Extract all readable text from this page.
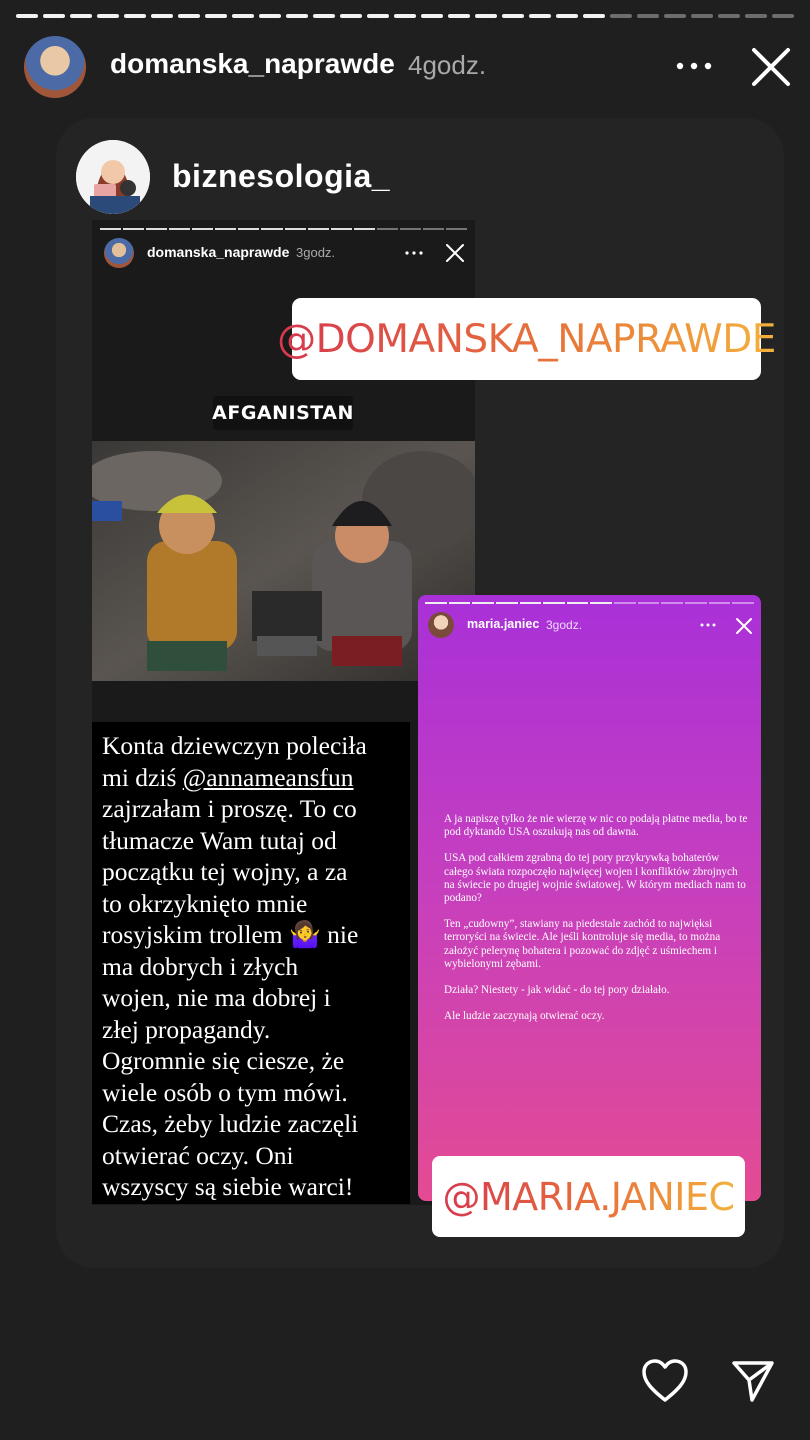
domanska_naprawde 4godz.
biznesologia_
domanska_naprawde 3godz.
AFGANISTAN

Konta dziewczyn poleciła
mi dziś @annameansfun
zajrzałam i proszę. To co
tłumacze Wam tutaj od
początku tej wojny, a za
to okrzyknięto mnie
rosyjskim trollem 🤷‍♀️ nie
ma dobrych i złych
wojen, nie ma dobrej i
złej propagandy.
Ogromnie się ciesze, że
wiele osób o tym mówi.
Czas, żeby ludzie zaczęli
otwierać oczy. Oni
wszyscy są siebie warci!

@DOMANSKA_NAPRAWDE
maria.janiec 3godz.

A ja napiszę tylko że nie wierzę w nic co podają płatne media, bo te pod dyktando USA oszukują nas od dawna.

USA pod całkiem zgrabną do tej pory przykrywką bohaterów całego świata rozpoczęło najwięcej wojen i konfliktów zbrojnych na świecie po drugiej wojnie światowej. W którym mediach nam to podano?

Ten „cudowny”, stawiany na piedestale zachód to najwięksi terroryści na świecie. Ale jeśli kontroluje się media, to można założyć pelerynę bohatera i pozować do zdjęć z uśmiechem i wybielonymi zębami.

Działa? Niestety - jak widać - do tej pory działało.

Ale ludzie zaczynają otwierać oczy.

@MARIA.JANIEC
